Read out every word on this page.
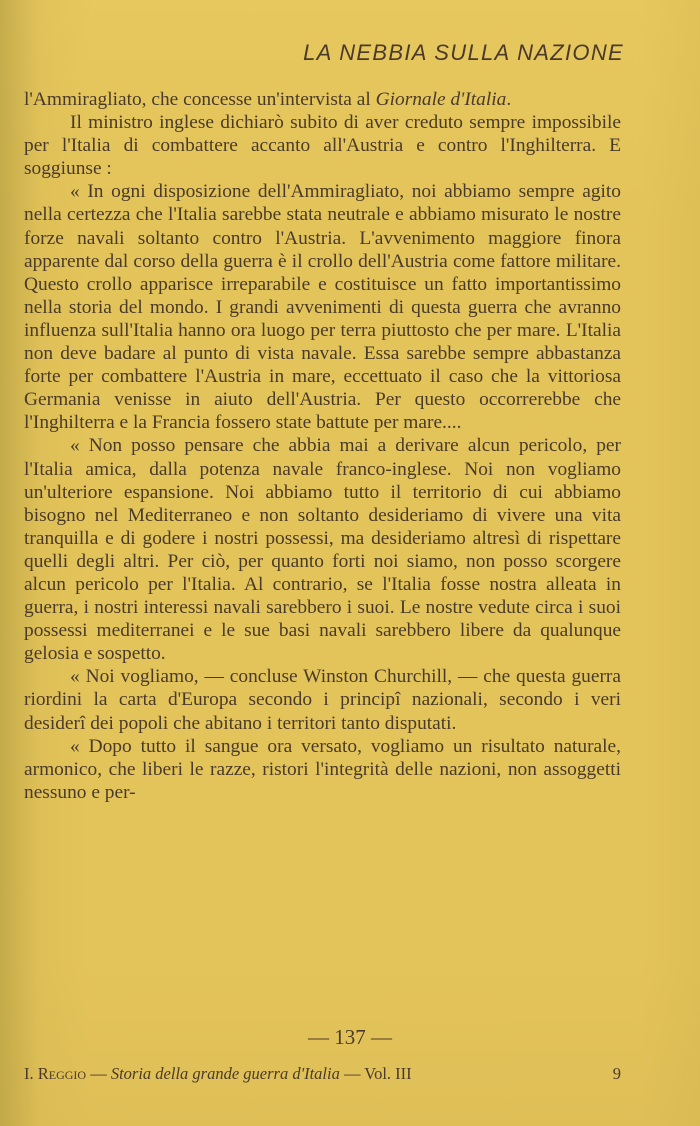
LA NEBBIA SULLA NAZIONE

l'Ammiragliato, che concesse un'intervista al Giornale d'Italia.

Il ministro inglese dichiarò subito di aver creduto sempre impossibile per l'Italia di combattere accanto all'Austria e contro l'Inghilterra. E soggiunse :

« In ogni disposizione dell'Ammiragliato, noi abbiamo sempre agito nella certezza che l'Italia sarebbe stata neutrale e abbiamo misurato le nostre forze navali soltanto contro l'Austria. L'avvenimento maggiore finora apparente dal corso della guerra è il crollo dell'Austria come fattore militare. Questo crollo apparisce irreparabile e costituisce un fatto importantissimo nella storia del mondo. I grandi avvenimenti di questa guerra che avranno influenza sull'Italia hanno ora luogo per terra piuttosto che per mare. L'Italia non deve badare al punto di vista navale. Essa sarebbe sempre abbastanza forte per combattere l'Austria in mare, eccettuato il caso che la vittoriosa Germania venisse in aiuto dell'Austria. Per questo occorrerebbe che l'Inghilterra e la Francia fossero state battute per mare....

« Non posso pensare che abbia mai a derivare alcun pericolo, per l'Italia amica, dalla potenza navale franco-inglese. Noi non vogliamo un'ulteriore espansione. Noi abbiamo tutto il territorio di cui abbiamo bisogno nel Mediterraneo e non soltanto desideriamo di vivere una vita tranquilla e di godere i nostri possessi, ma desideriamo altresì di rispettare quelli degli altri. Per ciò, per quanto forti noi siamo, non posso scorgere alcun pericolo per l'Italia. Al contrario, se l'Italia fosse nostra alleata in guerra, i nostri interessi navali sarebbero i suoi. Le nostre vedute circa i suoi possessi mediterranei e le sue basi navali sarebbero libere da qualunque gelosia e sospetto.

« Noi vogliamo, — concluse Winston Churchill, — che questa guerra riordini la carta d'Europa secondo i principî nazionali, secondo i veri desiderî dei popoli che abitano i territori tanto disputati.

« Dopo tutto il sangue ora versato, vogliamo un risultato naturale, armonico, che liberi le razze, ristori l'integrità delle nazioni, non assoggetti nessuno e per-

— 137 —
I. Reggio — Storia della grande guerra d'Italia — Vol. III	9
